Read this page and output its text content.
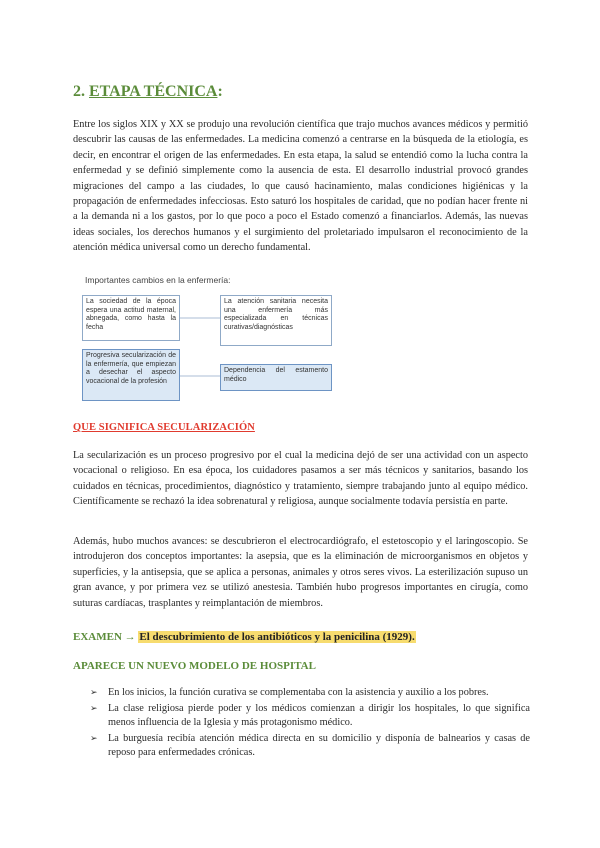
2. ETAPA TÉCNICA:

Entre los siglos XIX y XX se produjo una revolución científica que trajo muchos avances médicos y permitió descubrir las causas de las enfermedades. La medicina comenzó a centrarse en la búsqueda de la etiología, es decir, en encontrar el origen de las enfermedades. En esta etapa, la salud se entendió como la lucha contra la enfermedad y se definió simplemente como la ausencia de esta. El desarrollo industrial provocó grandes migraciones del campo a las ciudades, lo que causó hacinamiento, malas condiciones higiénicas y la propagación de enfermedades infecciosas. Esto saturó los hospitales de caridad, que no podían hacer frente ni a la demanda ni a los gastos, por lo que poco a poco el Estado comenzó a financiarlos. Además, las nuevas ideas sociales, los derechos humanos y el surgimiento del proletariado impulsaron el reconocimiento de la atención médica universal como un derecho fundamental.

Importantes cambios en la enfermería:
La sociedad de la época espera una actitud maternal, abnegada, como hasta la fecha
La atención sanitaria necesita una enfermería más especializada en técnicas curativas/diagnósticas
Progresiva secularización de la enfermería, que empiezan a desechar el aspecto vocacional de la profesión
Dependencia del estamento médico
QUE SIGNIFICA SECULARIZACIÓN

La secularización es un proceso progresivo por el cual la medicina dejó de ser una actividad con un aspecto vocacional o religioso. En esa época, los cuidadores pasamos a ser más técnicos y sanitarios, basando los cuidados en técnicas, procedimientos, diagnóstico y tratamiento, siempre trabajando junto al equipo médico. Científicamente se rechazó la idea sobrenatural y religiosa, aunque socialmente todavía persistía en parte.

Además, hubo muchos avances: se descubrieron el electrocardiógrafo, el estetoscopio y el laringoscopio. Se introdujeron dos conceptos importantes: la asepsia, que es la eliminación de microorganismos en objetos y superficies, y la antisepsia, que se aplica a personas, animales y otros seres vivos. La esterilización supuso un gran avance, y por primera vez se utilizó anestesia. También hubo progresos importantes en cirugía, como suturas cardíacas, trasplantes y reimplantación de miembros.

EXAMEN → El descubrimiento de los antibióticos y la penicilina (1929).

APARECE UN NUEVO MODELO DE HOSPITAL
➢ En los inicios, la función curativa se complementaba con la asistencia y auxilio a los pobres.
➢ La clase religiosa pierde poder y los médicos comienzan a dirigir los hospitales, lo que significa menos influencia de la Iglesia y más protagonismo médico.
➢ La burguesía recibía atención médica directa en su domicilio y disponía de balnearios y casas de reposo para enfermedades crónicas.
